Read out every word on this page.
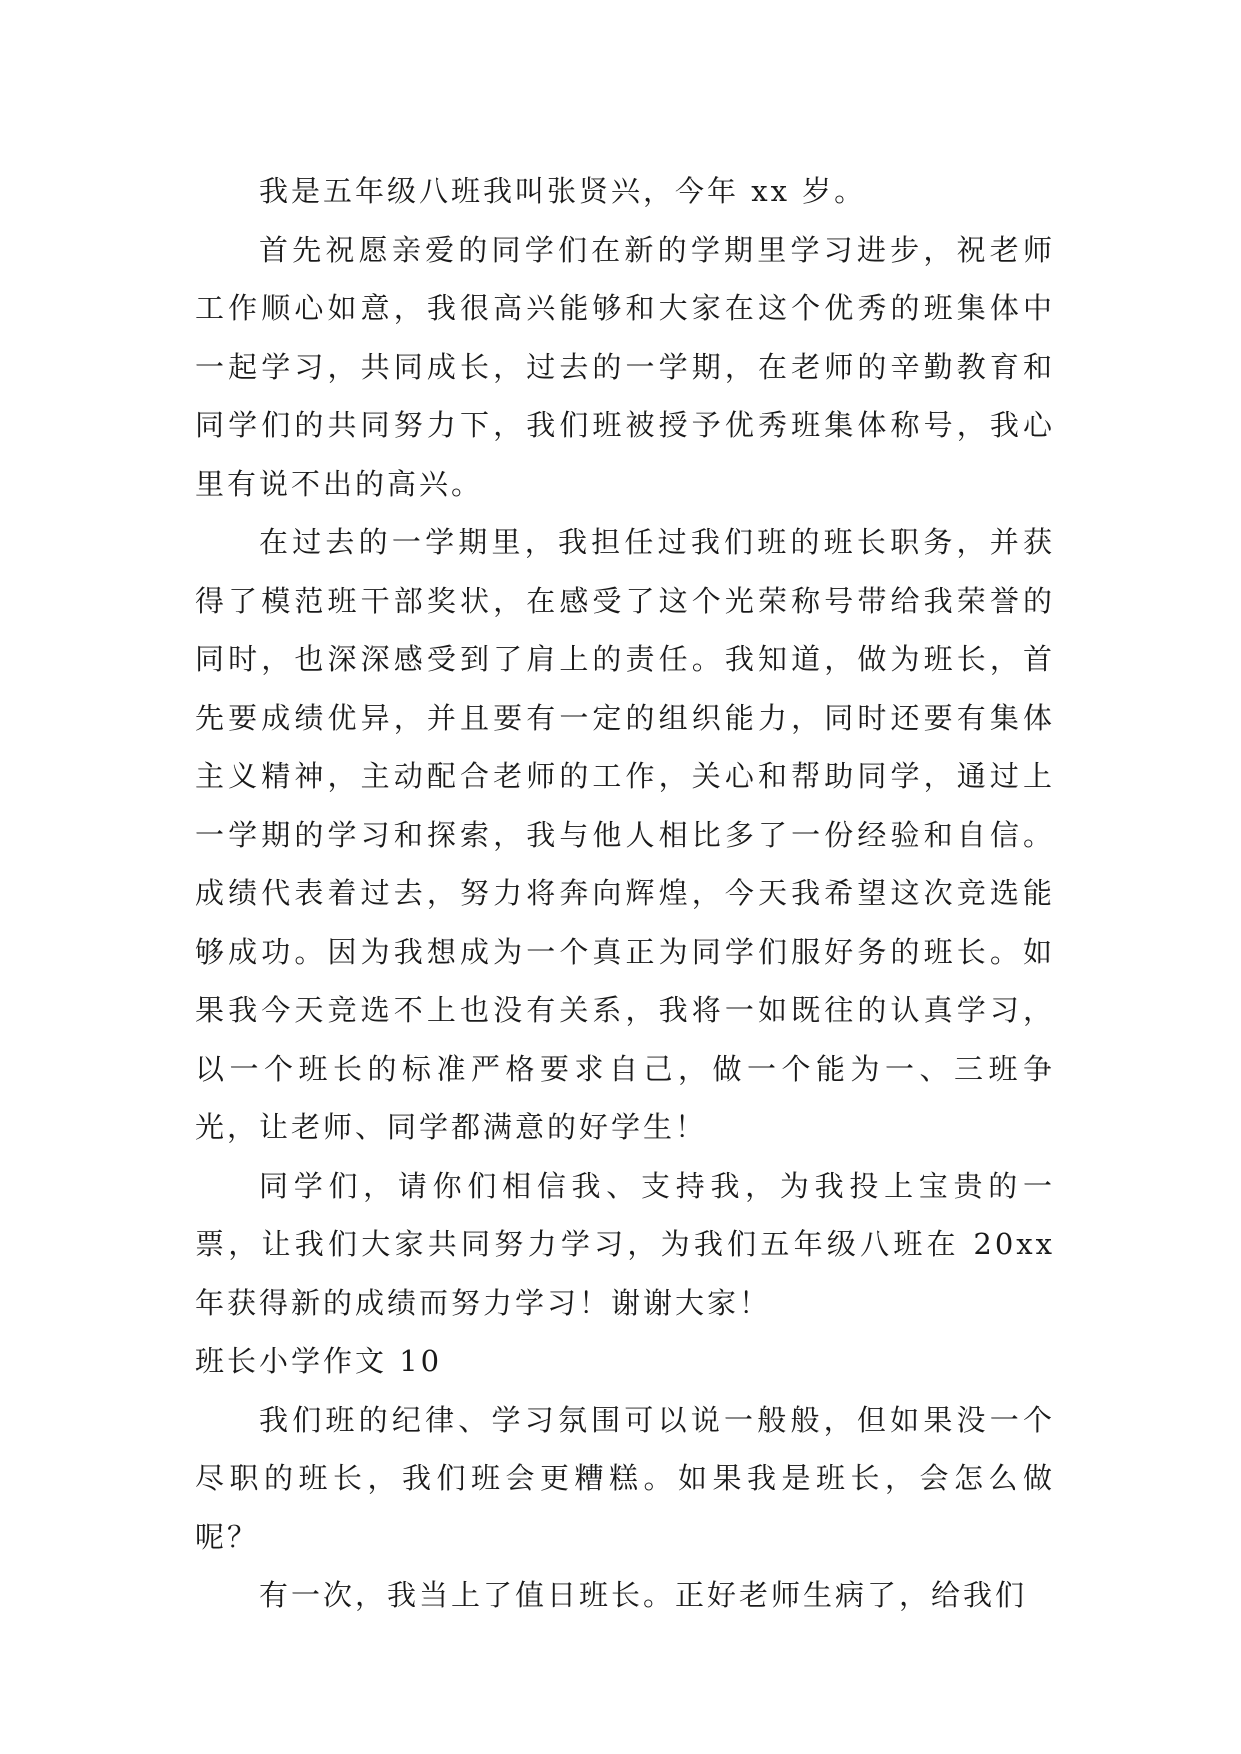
我是五年级八班我叫张贤兴，今年 xx 岁。

首先祝愿亲爱的同学们在新的学期里学习进步，祝老师工作顺心如意，我很高兴能够和大家在这个优秀的班集体中一起学习，共同成长，过去的一学期，在老师的辛勤教育和同学们的共同努力下，我们班被授予优秀班集体称号，我心里有说不出的高兴。

在过去的一学期里，我担任过我们班的班长职务，并获得了模范班干部奖状，在感受了这个光荣称号带给我荣誉的同时，也深深感受到了肩上的责任。我知道，做为班长，首先要成绩优异，并且要有一定的组织能力，同时还要有集体主义精神，主动配合老师的工作，关心和帮助同学，通过上一学期的学习和探索，我与他人相比多了一份经验和自信。成绩代表着过去，努力将奔向辉煌，今天我希望这次竞选能够成功。因为我想成为一个真正为同学们服好务的班长。如果我今天竞选不上也没有关系，我将一如既往的认真学习，以一个班长的标准严格要求自己，做一个能为一、三班争光，让老师、同学都满意的好学生！

同学们，请你们相信我、支持我，为我投上宝贵的一票，让我们大家共同努力学习，为我们五年级八班在 20xx 年获得新的成绩而努力学习！谢谢大家！

班长小学作文 10

我们班的纪律、学习氛围可以说一般般，但如果没一个尽职的班长，我们班会更糟糕。如果我是班长，会怎么做呢？

有一次，我当上了值日班长。正好老师生病了，给我们
